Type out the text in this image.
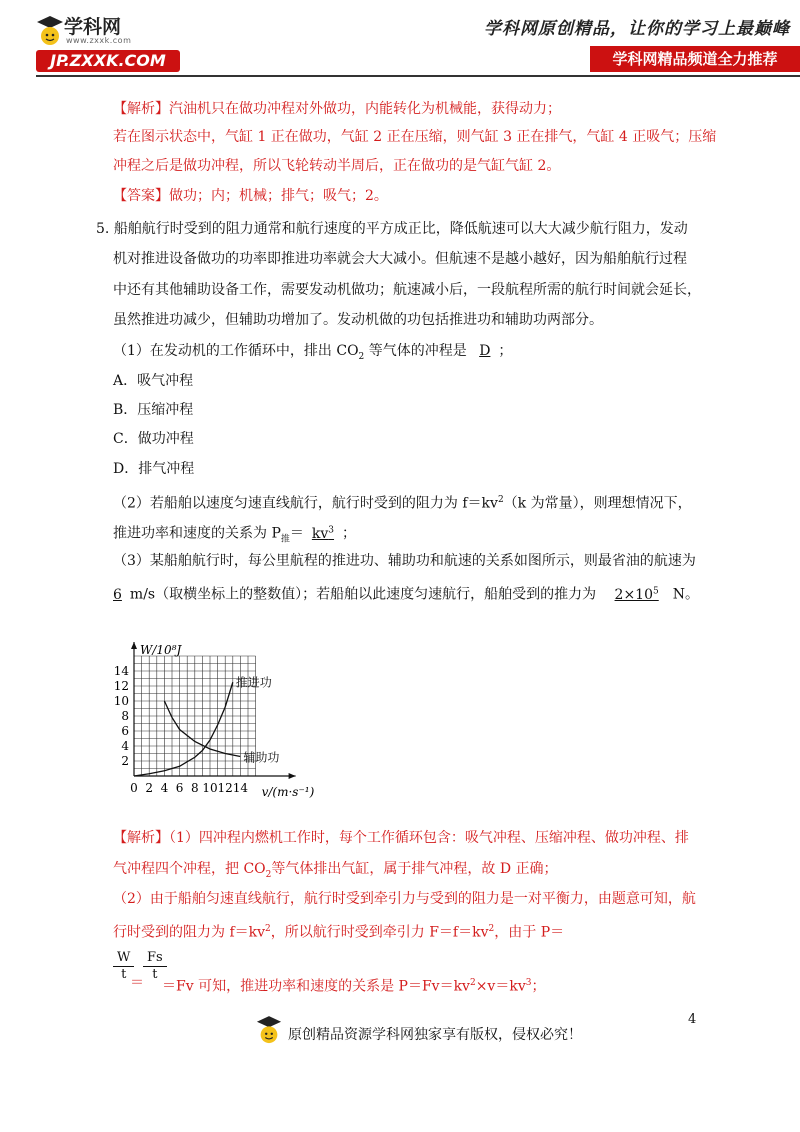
学科网
www.zxxk.com
JP.ZXXK.COM
学科网原创精品，让你的学习上最巅峰
学科网精品频道全力推荐
【解析】汽油机只在做功冲程对外做功，内能转化为机械能，获得动力；
若在图示状态中，气缸 1 正在做功，气缸 2 正在压缩，则气缸 3 正在排气，气缸 4 正吸气；压缩
冲程之后是做功冲程，所以飞轮转动半周后，正在做功的是气缸气缸 2。
【答案】做功；内；机械；排气；吸气；2。
5. 船舶航行时受到的阻力通常和航行速度的平方成正比，降低航速可以大大减少航行阻力，发动
机对推进设备做功的功率即推进功率就会大大减小。但航速不是越小越好，因为船舶航行过程
中还有其他辅助设备工作，需要发动机做功；航速减小后，一段航程所需的航行时间就会延长，
虽然推进功减少，但辅助功增加了。发动机做的功包括推进功和辅助功两部分。
（1）在发动机的工作循环中，排出 $CO_2$ 等气体的冲程是 D ；
A．吸气冲程
B．压缩冲程
C．做功冲程
D．排气冲程
（2）若船舶以速度匀速直线航行，航行时受到的阻力为 $f=kv^2(k$ 为常量），则理想情况下，
推进功率和速度的关系为 $P_推= kv^3$ ；
（3）某船舶航行时，每公里航程的推进功、辅助功和航速的关系如图所示，则最省油的航速为
6 m/s（取横坐标上的整数值）；若船舶以此速度匀速航行，船舶受到的推力为 $2\times 10^5$ N。
0 2 4 6 8 10 12 14
2
4
6
8
10
12
14
W/10⁸J
v/(m·s⁻¹)
推进功
辅助功
【解析】（1）四冲程内燃机工作时，每个工作循环包含：吸气冲程、压缩冲程、做功冲程、排
气冲程四个冲程，把 $CO_2$等气体排出气缸，属于排气冲程，故 D 正确；
（2）由于船舶匀速直线航行，航行时受到牵引力与受到的阻力是一对平衡力，由题意可知，航
行时受到的阻力为 $f=kv^2$，所以航行时受到牵引力 $F=f=kv^2$，由于 P＝
$\frac{W}{t}$
＝ $\frac{Fs}{t}$
＝Fv 可知，推进功率和速度的关系是 $P=Fv=kv^2\times v=kv^3$；
4
原创精品资源学科网独家享有版权，侵权必究！
